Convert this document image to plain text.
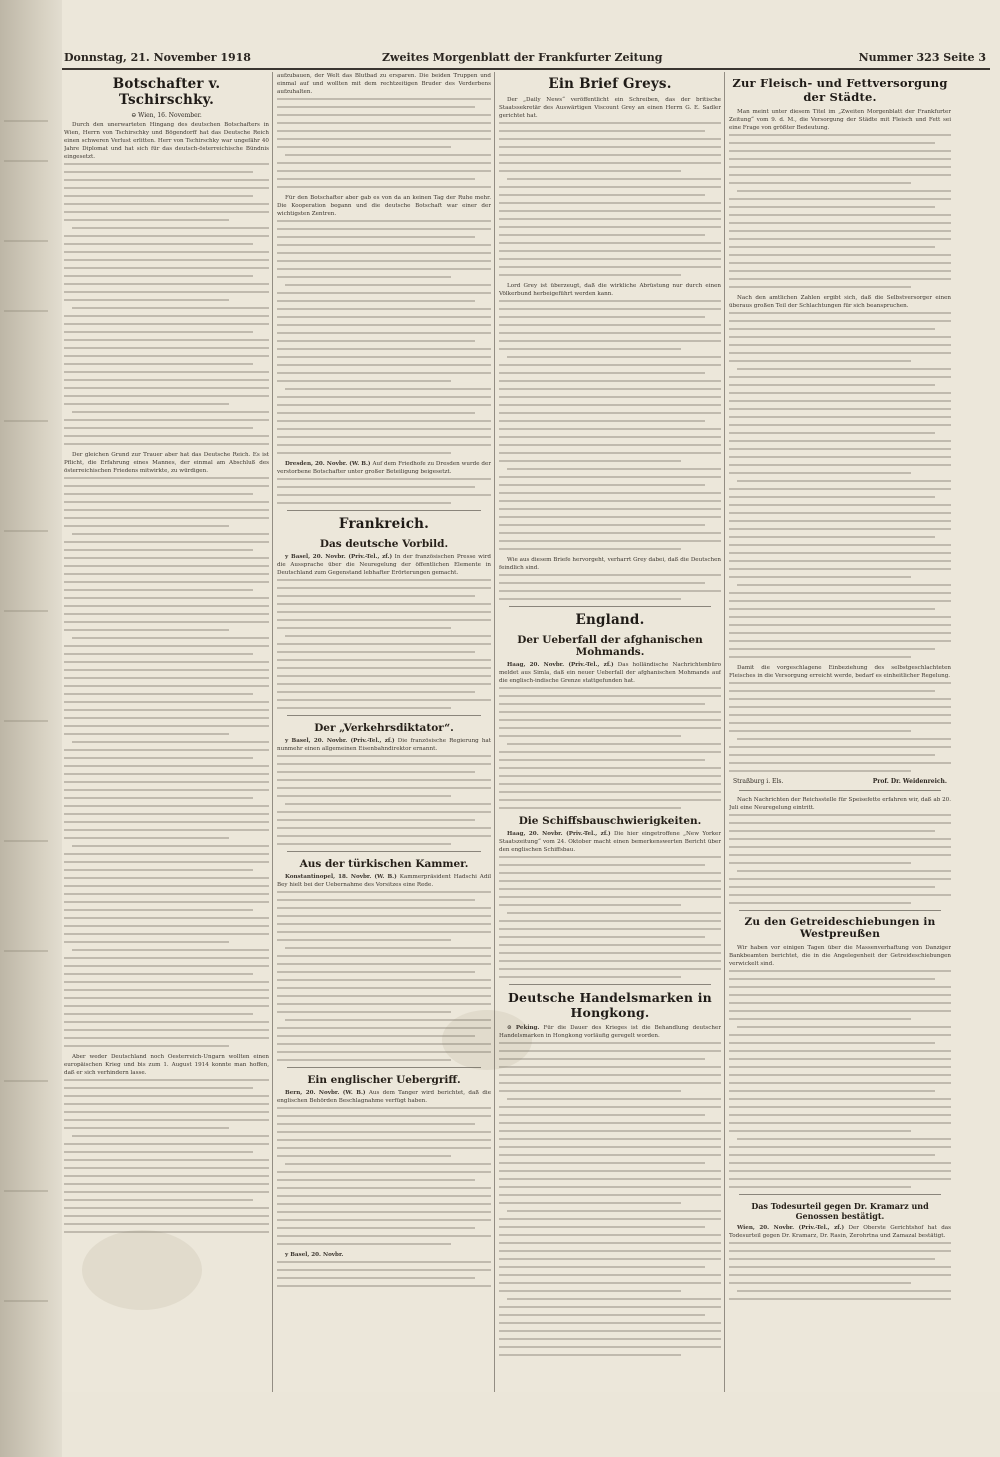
Donnstag, 21. November 1918	Zweites Morgenblatt der Frankfurter Zeitung	Nummer 323 Seite 3
Botschafter v. Tschirschky.
⊖ Wien, 16. November.

Durch den unerwarteten Hingang des deutschen Botschafters in Wien, Herrn von Tschirschky und Bögendorff hat das Deutsche Reich einen schweren Verlust erlitten. Herr von Tschirschky war ungefähr 40 Jahre Diplomat und hat sich für das deutsch-österreichische Bündnis eingesetzt.

Der gleichen Grund zur Trauer aber hat das Deutsche Reich. Es ist Pflicht, die Erfahrung eines Mannes, der einmal am Abschluß des österreichischen Friedens mitwirkte, zu würdigen.

Aber weder Deutschland noch Oesterreich-Ungarn wollten einen europäischen Krieg und bis zum 1. August 1914 konnte man hoffen, daß er sich verhindern lasse.

aufzubauen, der Welt das Blutbad zu ersparen. Die beiden Truppen und einmal auf und wollten mit dem rechtzeitigen Bruder des Verderbens aufzuhalten.

Für den Botschafter aber gab es von da an keinen Tag der Ruhe mehr. Die Kooperation begann und die deutsche Botschaft war einer der wichtigsten Zentren.

Dresden, 20. Novbr. (W. B.) Auf dem Friedhofe zu Dresden wurde der verstorbene Botschafter unter großer Beteiligung beigesetzt.

Frankreich.
Das deutsche Vorbild.

y Basel, 20. Novbr. (Priv.-Tel., zf.) In der französischen Presse wird die Aussprache über die Neuregelung der öffentlichen Elemente in Deutschland zum Gegenstand lebhafter Erörterungen gemacht.

Der „Verkehrsdiktator“.

y Basel, 20. Novbr. (Priv.-Tel., zf.) Die französische Regierung hat nunmehr einen allgemeinen Eisenbahndirektor ernannt.

Aus der türkischen Kammer.

Konstantinopel, 18. Novbr. (W. B.) Kammerpräsident Hadschi Adil Bey hielt bei der Uebernahme des Vorsitzes eine Rede.

Ein englischer Uebergriff.

Bern, 20. Novbr. (W. B.) Aus dem Tanger wird berichtet, daß die englischen Behörden Beschlagnahme verfügt haben.

y Basel, 20. Novbr.

Ein Brief Greys.

Der „Daily News“ veröffentlicht ein Schreiben, das der britische Staatssekretär des Auswärtigen Viscount Grey an einen Herrn G. E. Sadler gerichtet hat.

Lord Grey ist überzeugt, daß die wirkliche Abrüstung nur durch einen Völkerbund herbeigeführt werden kann.

Wie aus diesem Briefe hervorgeht, verharrt Grey dabei, daß die Deutschen feindlich sind.

England.
Der Ueberfall der afghanischen Mohmands.

Haag, 20. Novbr. (Priv.-Tel., zf.) Das holländische Nachrichtenbüro meldet aus Simla, daß ein neuer Ueberfall der afghanischen Mohmands auf die englisch-indische Grenze stattgefunden hat.

Die Schiffsbauschwierigkeiten.

Haag, 20. Novbr. (Priv.-Tel., zf.) Die hier eingetroffene „New Yorker Staatszeitung“ vom 24. Oktober macht einen bemerkenswerten Bericht über den englischen Schiffsbau.

Deutsche Handelsmarken in Hongkong.

⊙ Peking. Für die Dauer des Krieges ist die Behandlung deutscher Handelsmarken in Hongkong vorläufig geregelt worden.

Zur Fleisch- und Fettversorgung der Städte.

Man meint unter diesem Titel im „Zweiten Morgenblatt der Frankfurter Zeitung“ vom 9. d. M., die Versorgung der Städte mit Fleisch und Fett sei eine Frage von größter Bedeutung.

Nach den amtlichen Zahlen ergibt sich, daß die Selbstversorger einen überaus großen Teil der Schlachtungen für sich beanspruchen.

Damit die vorgeschlagene Einbeziehung des selbstgeschlachteten Fleisches in die Versorgung erreicht werde, bedarf es einheitlicher Regelung.

Straßburg i. Els.	Prof. Dr. Weidenreich.

Nach Nachrichten der Reichsstelle für Speisefette erfahren wir, daß ab 20. Juli eine Neuregelung eintritt.

Zu den Getreideschiebungen in Westpreußen

Wir haben vor einigen Tagen über die Massenverhaftung von Danziger Bankbeamten berichtet, die in die Angelegenheit der Getreideschiebungen verwickelt sind.

Das Todesurteil gegen Dr. Kramarz und Genossen bestätigt.

Wien, 20. Novbr. (Priv.-Tel., zf.) Der Oberste Gerichtshof hat das Todesurteil gegen Dr. Kramarz, Dr. Rasin, Zerohrtna und Zamazal bestätigt.
